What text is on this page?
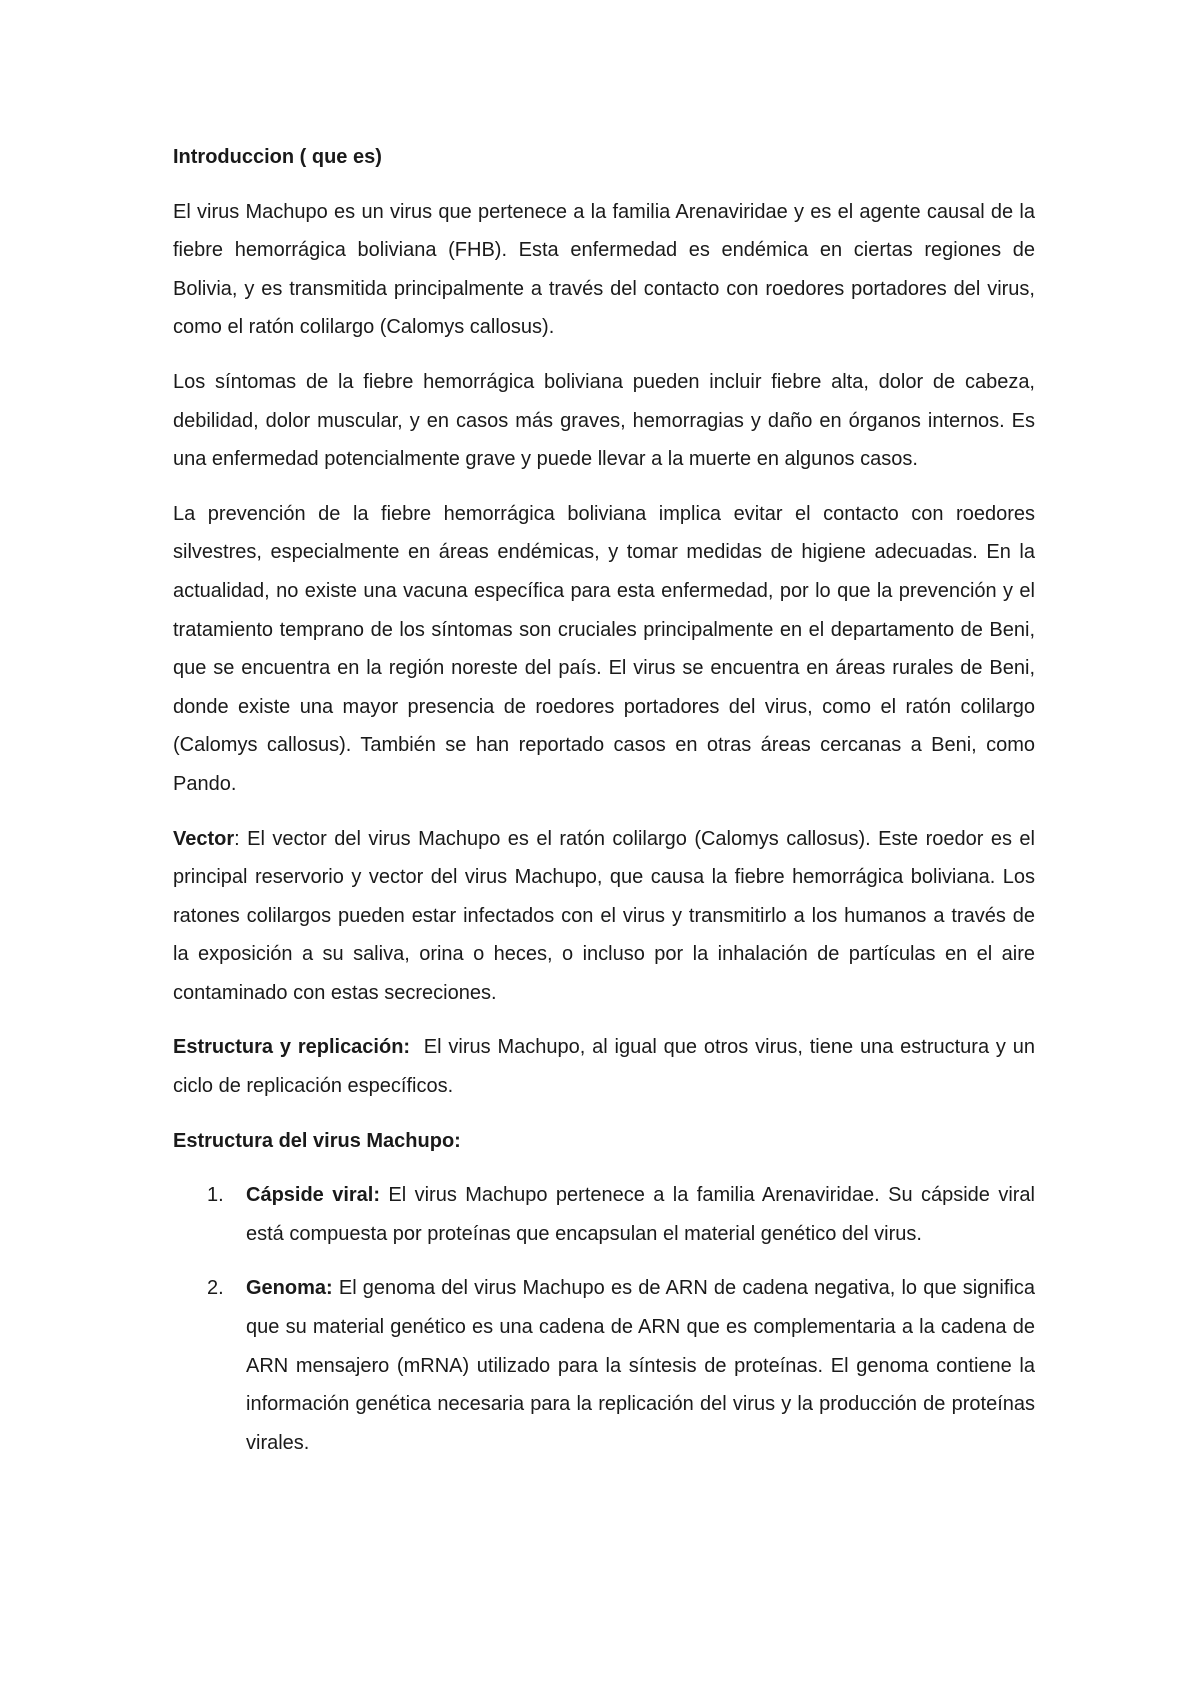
Introduccion ( que es)
El virus Machupo es un virus que pertenece a la familia Arenaviridae y es el agente causal de la fiebre hemorrágica boliviana (FHB). Esta enfermedad es endémica en ciertas regiones de Bolivia, y es transmitida principalmente a través del contacto con roedores portadores del virus, como el ratón colilargo (Calomys callosus).
Los síntomas de la fiebre hemorrágica boliviana pueden incluir fiebre alta, dolor de cabeza, debilidad, dolor muscular, y en casos más graves, hemorragias y daño en órganos internos. Es una enfermedad potencialmente grave y puede llevar a la muerte en algunos casos.
La prevención de la fiebre hemorrágica boliviana implica evitar el contacto con roedores silvestres, especialmente en áreas endémicas, y tomar medidas de higiene adecuadas. En la actualidad, no existe una vacuna específica para esta enfermedad, por lo que la prevención y el tratamiento temprano de los síntomas son cruciales principalmente en el departamento de Beni, que se encuentra en la región noreste del país. El virus se encuentra en áreas rurales de Beni, donde existe una mayor presencia de roedores portadores del virus, como el ratón colilargo (Calomys callosus). También se han reportado casos en otras áreas cercanas a Beni, como Pando.
Vector: El vector del virus Machupo es el ratón colilargo (Calomys callosus). Este roedor es el principal reservorio y vector del virus Machupo, que causa la fiebre hemorrágica boliviana. Los ratones colilargos pueden estar infectados con el virus y transmitirlo a los humanos a través de la exposición a su saliva, orina o heces, o incluso por la inhalación de partículas en el aire contaminado con estas secreciones.
Estructura y replicación:  El virus Machupo, al igual que otros virus, tiene una estructura y un ciclo de replicación específicos.
Estructura del virus Machupo:
1. Cápside viral: El virus Machupo pertenece a la familia Arenaviridae. Su cápside viral está compuesta por proteínas que encapsulan el material genético del virus.
2. Genoma: El genoma del virus Machupo es de ARN de cadena negativa, lo que significa que su material genético es una cadena de ARN que es complementaria a la cadena de ARN mensajero (mRNA) utilizado para la síntesis de proteínas. El genoma contiene la información genética necesaria para la replicación del virus y la producción de proteínas virales.
